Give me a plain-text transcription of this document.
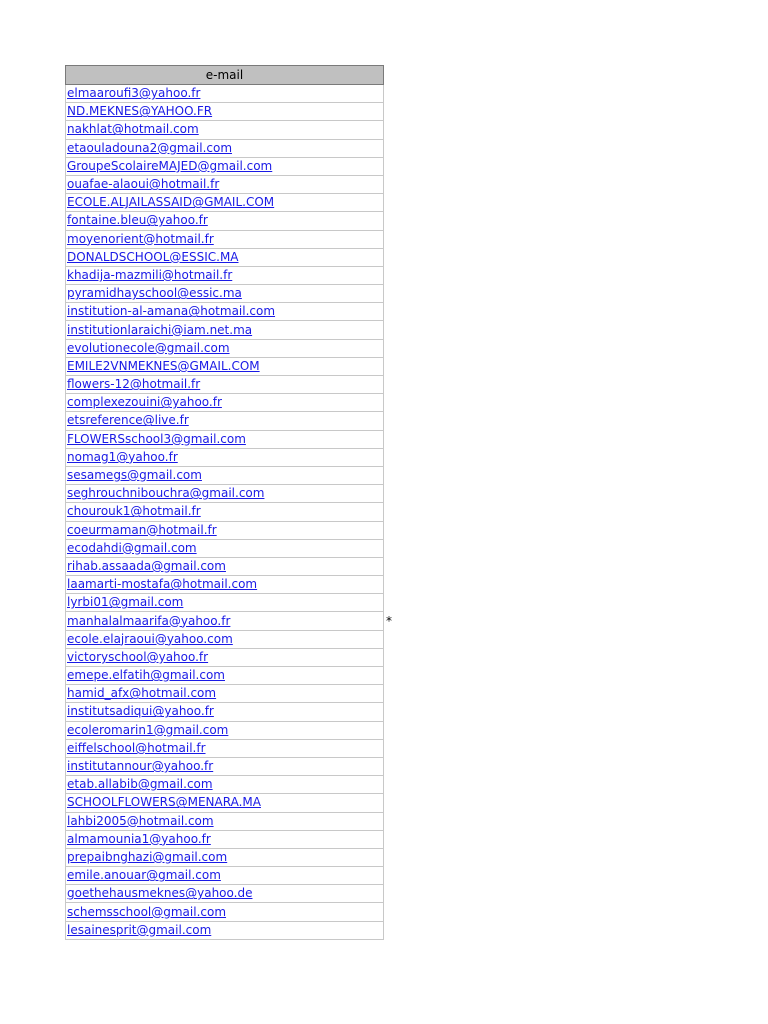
e-mail
elmaaroufi3@yahoo.fr
ND.MEKNES@YAHOO.FR
nakhlat@hotmail.com
etaouladouna2@gmail.com
GroupeScolaireMAJED@gmail.com
ouafae-alaoui@hotmail.fr
ECOLE.ALJAILASSAID@GMAIL.COM
fontaine.bleu@yahoo.fr
moyenorient@hotmail.fr
DONALDSCHOOL@ESSIC.MA
khadija-mazmili@hotmail.fr
pyramidhayschool@essic.ma
institution-al-amana@hotmail.com
institutionlaraichi@iam.net.ma
evolutionecole@gmail.com
EMILE2VNMEKNES@GMAIL.COM
flowers-12@hotmail.fr
complexezouini@yahoo.fr
etsreference@live.fr
FLOWERSschool3@gmail.com
nomag1@yahoo.fr
sesamegs@gmail.com
seghrouchnibouchra@gmail.com
chourouk1@hotmail.fr
coeurmaman@hotmail.fr
ecodahdi@gmail.com
rihab.assaada@gmail.com
laamarti-mostafa@hotmail.com
lyrbi01@gmail.com
manhalalmaarifa@yahoo.fr
ecole.elajraoui@yahoo.com
victoryschool@yahoo.fr
emepe.elfatih@gmail.com
hamid_afx@hotmail.com
institutsadiqui@yahoo.fr
ecoleromarin1@gmail.com
eiffelschool@hotmail.fr
institutannour@yahoo.fr
etab.allabib@gmail.com
SCHOOLFLOWERS@MENARA.MA
lahbi2005@hotmail.com
almamounia1@yahoo.fr
prepaibnghazi@gmail.com
emile.anouar@gmail.com
goethehausmeknes@yahoo.de
schemsschool@gmail.com
lesainesprit@gmail.com
*
